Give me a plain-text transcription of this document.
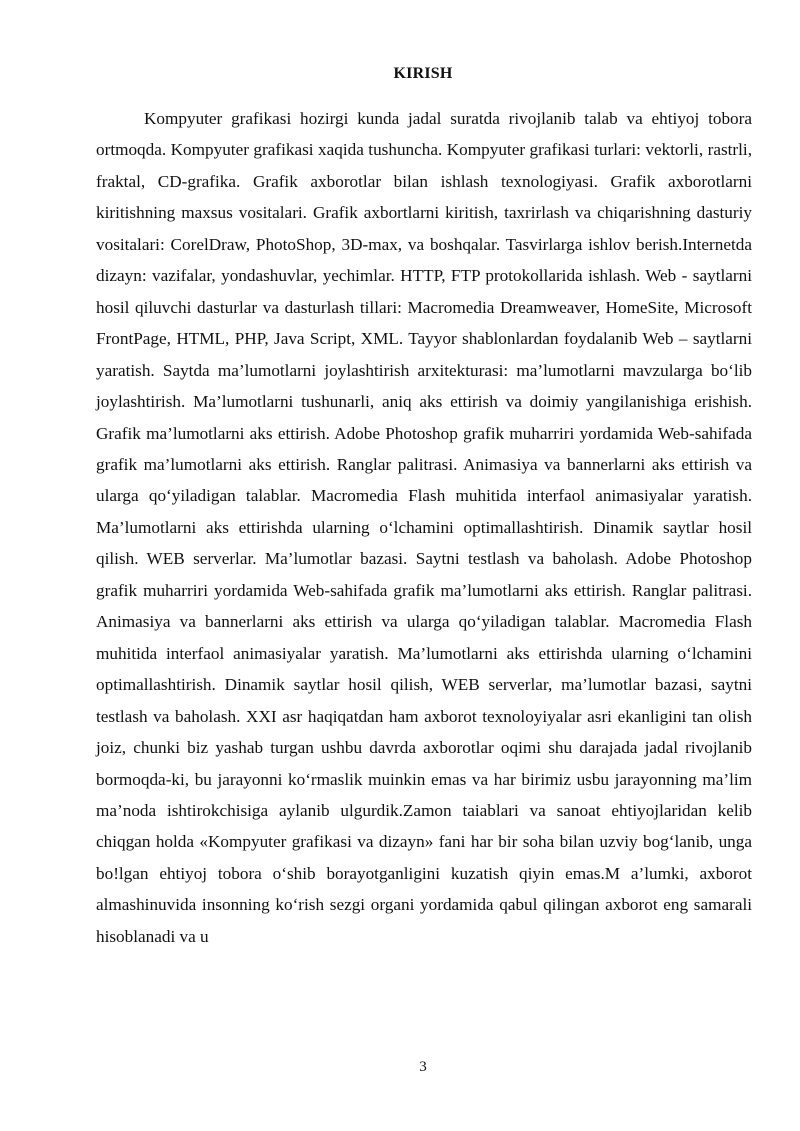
KIRISH

Kompyuter grafikasi hozirgi kunda jadal suratda rivojlanib talab va ehtiyoj tobora ortmoqda. Kompyuter grafikasi xaqida tushuncha. Kompyuter grafikasi turlari: vektorli, rastrli, fraktal, CD-grafika. Grafik axborotlar bilan ishlash texnologiyasi. Grafik axborotlarni kiritishning maxsus vositalari. Grafik axbortlarni kiritish, taxrirlash va chiqarishning dasturiy vositalari: CorelDraw, PhotoShop, 3D-max, va boshqalar. Tasvirlarga ishlov berish.Internetda dizayn: vazifalar, yondashuvlar, yechimlar. HTTP, FTP protokollarida ishlash. Web - saytlarni hosil qiluvchi dasturlar va dasturlash tillari: Macromedia Dreamweaver, HomeSite, Microsoft FrontPage, HTML, PHP, Java Script, XML. Tayyor shablonlardan foydalanib Web – saytlarni yaratish. Saytda ma’lumotlarni joylashtirish arxitekturasi: ma’lumotlarni mavzularga bo‘lib joylashtirish. Ma’lumotlarni tushunarli, aniq aks ettirish va doimiy yangilanishiga erishish. Grafik ma’lumotlarni aks ettirish. Adobe Photoshop grafik muharriri yordamida Web-sahifada grafik ma’lumotlarni aks ettirish. Ranglar palitrasi. Animasiya va bannerlarni aks ettirish va ularga qo‘yiladigan talablar. Macromedia Flash muhitida interfaol animasiyalar yaratish. Ma’lumotlarni aks ettirishda ularning o‘lchamini optimallashtirish. Dinamik saytlar hosil qilish. WEB serverlar. Ma’lumotlar bazasi. Saytni testlash va baholash. Adobe Photoshop grafik muharriri yordamida Web-sahifada grafik ma’lumotlarni aks ettirish. Ranglar palitrasi. Animasiya va bannerlarni aks ettirish va ularga qo‘yiladigan talablar. Macromedia Flash muhitida interfaol animasiyalar yaratish. Ma’lumotlarni aks ettirishda ularning o‘lchamini optimallashtirish. Dinamik saytlar hosil qilish, WEB serverlar, ma’lumotlar bazasi, saytni testlash va baholash. XXI asr haqiqatdan ham axborot texnoloyiyalar asri ekanligini tan olish joiz, chunki biz yashab turgan ushbu davrda axborotlar oqimi shu darajada jadal rivojlanib bormoqda-ki, bu jarayonni ko‘rmaslik muinkin emas va har birimiz usbu jarayonning ma’lim ma’noda ishtirokchisiga aylanib ulgurdik.Zamon taiablari va sanoat ehtiyojlaridan kelib chiqgan holda «Kompyuter grafikasi va dizayn» fani har bir soha bilan uzviy bog‘lanib, unga bo!lgan ehtiyoj tobora o‘shib borayotganligini kuzatish qiyin emas.M a’lumki, axborot almashinuvida insonning ko‘rish sezgi organi yordamida qabul qilingan axborot eng samarali hisoblanadi va u

3
